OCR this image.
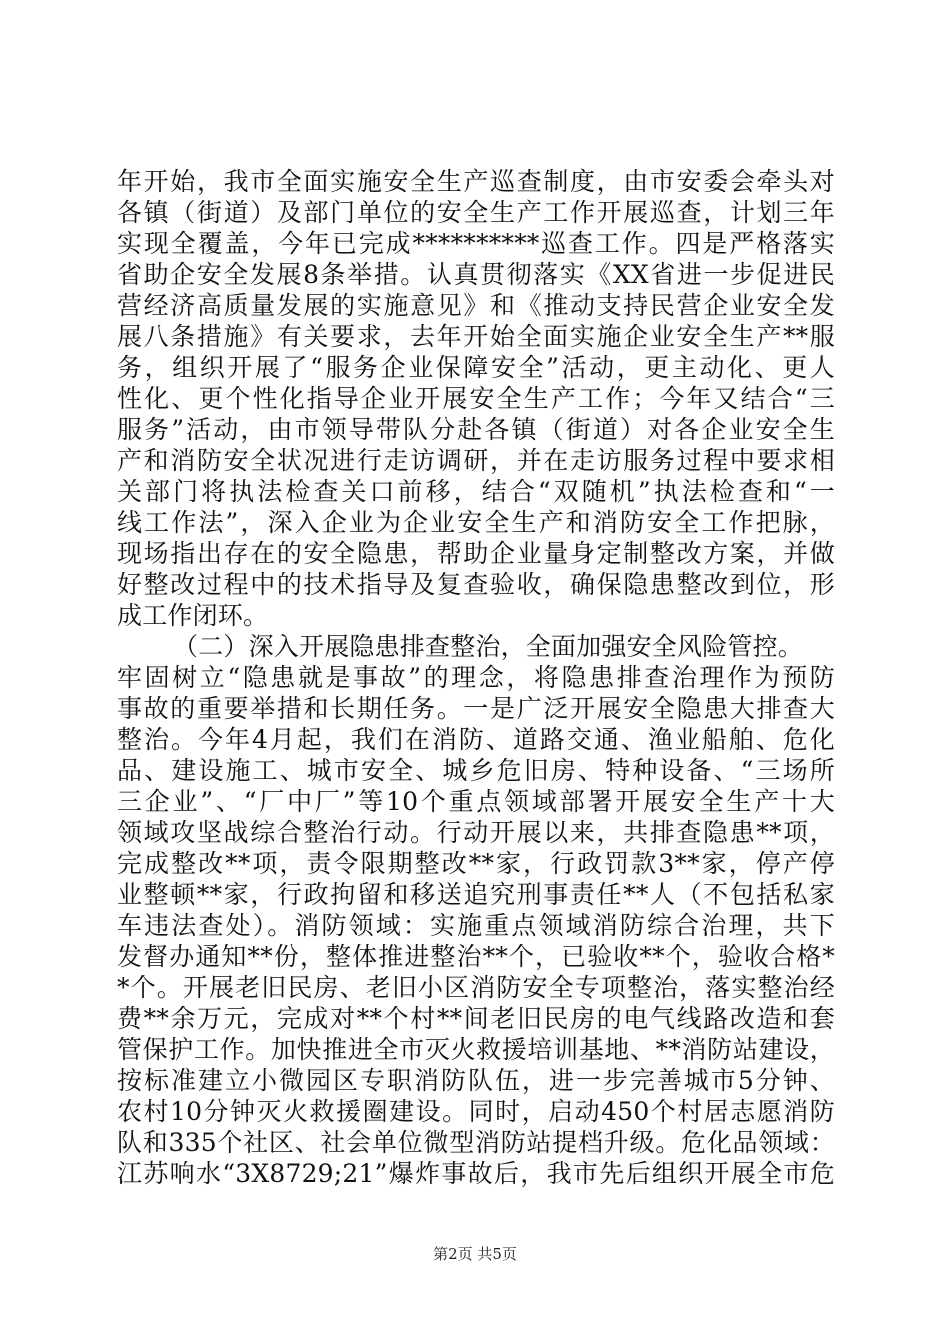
年开始，我市全面实施安全生产巡查制度，由市安委会牵头对
各镇（街道）及部门单位的安全生产工作开展巡查，计划三年
实现全覆盖，今年已完成**********巡查工作。四是严格落实
省助企安全发展8条举措。认真贯彻落实《XX省进一步促进民
营经济高质量发展的实施意见》和《推动支持民营企业安全发
展八条措施》有关要求，去年开始全面实施企业安全生产**服
务，组织开展了“服务企业保障安全”活动，更主动化、更人
性化、更个性化指导企业开展安全生产工作；今年又结合“三
服务”活动，由市领导带队分赴各镇（街道）对各企业安全生
产和消防安全状况进行走访调研，并在走访服务过程中要求相
关部门将执法检查关口前移，结合“双随机”执法检查和“一
线工作法”，深入企业为企业安全生产和消防安全工作把脉，
现场指出存在的安全隐患，帮助企业量身定制整改方案，并做
好整改过程中的技术指导及复查验收，确保隐患整改到位，形
成工作闭环。
（二）深入开展隐患排查整治，全面加强安全风险管控。
牢固树立“隐患就是事故”的理念，将隐患排查治理作为预防
事故的重要举措和长期任务。一是广泛开展安全隐患大排查大
整治。今年4月起，我们在消防、道路交通、渔业船舶、危化
品、建设施工、城市安全、城乡危旧房、特种设备、“三场所
三企业”、“厂中厂”等10个重点领域部署开展安全生产十大
领域攻坚战综合整治行动。行动开展以来，共排查隐患**项，
完成整改**项，责令限期整改**家，行政罚款3**家，停产停
业整顿**家，行政拘留和移送追究刑事责任**人（不包括私家
车违法查处）。消防领域：实施重点领域消防综合治理，共下
发督办通知**份，整体推进整治**个，已验收**个，验收合格*
*个。开展老旧民房、老旧小区消防安全专项整治，落实整治经
费**余万元，完成对**个村**间老旧民房的电气线路改造和套
管保护工作。加快推进全市灭火救援培训基地、**消防站建设，
按标准建立小微园区专职消防队伍，进一步完善城市5分钟、
农村10分钟灭火救援圈建设。同时，启动450个村居志愿消防
队和335个社区、社会单位微型消防站提档升级。危化品领域：
江苏响水“3X8729;21”爆炸事故后，我市先后组织开展全市危
第2页 共5页
